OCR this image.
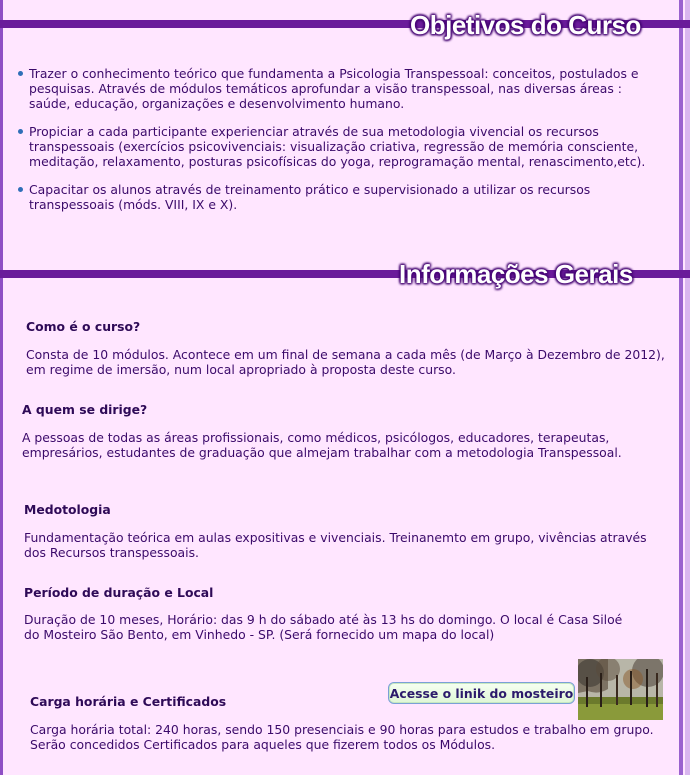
Objetivos do Curso
Trazer o conhecimento teórico que fundamenta a Psicologia Transpessoal: conceitos, postulados e pesquisas. Através de módulos temáticos aprofundar a visão transpessoal, nas diversas áreas : saúde, educação, organizações e desenvolvimento humano.
Propiciar a cada participante experienciar através de sua metodologia vivencial os recursos transpessoais (exercícios psicovivenciais: visualização criativa, regressão de memória consciente, meditação, relaxamento, posturas psicofísicas do yoga, reprogramação mental, renascimento,etc).
Capacitar os alunos através de treinamento prático e supervisionado a utilizar os recursos transpessoais (móds. VIII, IX e X).
Informações Gerais
Como é o curso?
Consta de 10 módulos. Acontece em um final de semana a cada mês (de Março à Dezembro de 2012), em regime de imersão, num local apropriado à proposta deste curso.
A quem se dirige?
A pessoas de todas as áreas profissionais, como médicos, psicólogos, educadores, terapeutas, empresários, estudantes de graduação que almejam trabalhar com a metodologia Transpessoal.
Medotologia
Fundamentação teórica em aulas expositivas e vivenciais. Treinanemto em grupo, vivências através dos Recursos transpessoais.
Período de duração e Local
Duração de 10 meses, Horário: das 9 h do sábado até às 13 hs do domingo. O local é Casa Siloé do Mosteiro São Bento, em Vinhedo - SP. (Será fornecido um mapa do local)
Carga horária e Certificados
Carga horária total: 240 horas, sendo 150 presenciais e 90 horas para estudos e trabalho em grupo. Serão concedidos Certificados para aqueles que fizerem todos os Módulos.
Acesse o linik do mosteiro
